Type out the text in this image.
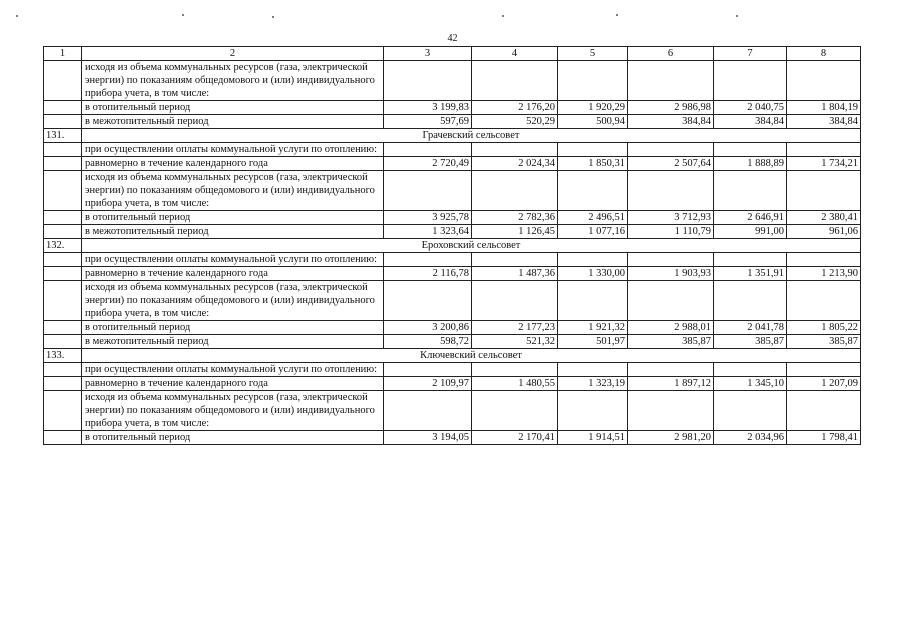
42
1	2	3	4	5	6	7	8
	исходя из объема коммунальных ресурсов (газа, электрической энергии) по показаниям общедомового и (или) индивидуального прибора учета, в том числе:						
	в отопительный период	3 199,83	2 176,20	1 920,29	2 986,98	2 040,75	1 804,19
	в межотопительный период	597,69	520,29	500,94	384,84	384,84	384,84
131.	Грачевский сельсовет						
	при осуществлении оплаты коммунальной услуги по отоплению:						
	равномерно в течение календарного года	2 720,49	2 024,34	1 850,31	2 507,64	1 888,89	1 734,21
	исходя из объема коммунальных ресурсов (газа, электрической энергии) по показаниям общедомового и (или) индивидуального прибора учета, в том числе:						
	в отопительный период	3 925,78	2 782,36	2 496,51	3 712,93	2 646,91	2 380,41
	в межотопительный период	1 323,64	1 126,45	1 077,16	1 110,79	991,00	961,06
132.	Ероховский сельсовет						
	при осуществлении оплаты коммунальной услуги по отоплению:						
	равномерно в течение календарного года	2 116,78	1 487,36	1 330,00	1 903,93	1 351,91	1 213,90
	исходя из объема коммунальных ресурсов (газа, электрической энергии) по показаниям общедомового и (или) индивидуального прибора учета, в том числе:						
	в отопительный период	3 200,86	2 177,23	1 921,32	2 988,01	2 041,78	1 805,22
	в межотопительный период	598,72	521,32	501,97	385,87	385,87	385,87
133.	Ключевский сельсовет						
	при осуществлении оплаты коммунальной услуги по отоплению:						
	равномерно в течение календарного года	2 109,97	1 480,55	1 323,19	1 897,12	1 345,10	1 207,09
	исходя из объема коммунальных ресурсов (газа, электрической энергии) по показаниям общедомового и (или) индивидуального прибора учета, в том числе:						
	в отопительный период	3 194,05	2 170,41	1 914,51	2 981,20	2 034,96	1 798,41
